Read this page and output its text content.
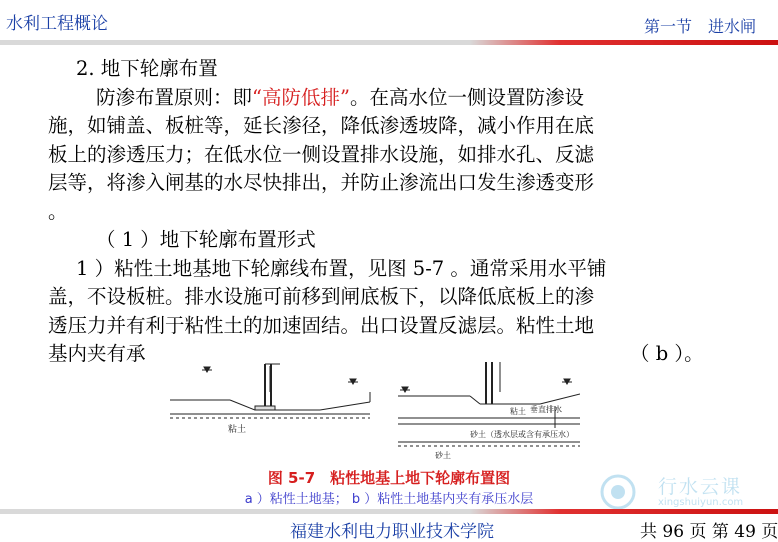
水利工程概论	第一节　进水闸

2. 地下轮廓布置

防渗布置原则：即“高防低排”。在高水位一侧设置防渗设

施，如铺盖、板桩等，延长渗径，降低渗透坡降，减小作用在底

板上的渗透压力；在低水位一侧设置排水设施，如排水孔、反滤

层等，将渗入闸基的水尽快排出，并防止渗流出口发生渗透变形

。

（ 1 ）地下轮廓布置形式

1 ）粘性土地基地下轮廓线布置，见图 5-7 。通常采用水平铺

盖，不设板桩。排水设施可前移到闸底板下，以降低底板上的渗

透压力并有利于粘性土的加速固结。出口设置反滤层。粘性土地

基内夹有承	（ b ）。

粘土
粘土 垂直排水
砂土（透水层或含有承压水）
砂土
图 5-7　粘性地基上地下轮廓布置图
a ）粘性土地基； b ）粘性土地基内夹有承压水层
行水云课
xingshuiyun.com
福建水利电力职业技术学院	共 96 页 第 49 页
